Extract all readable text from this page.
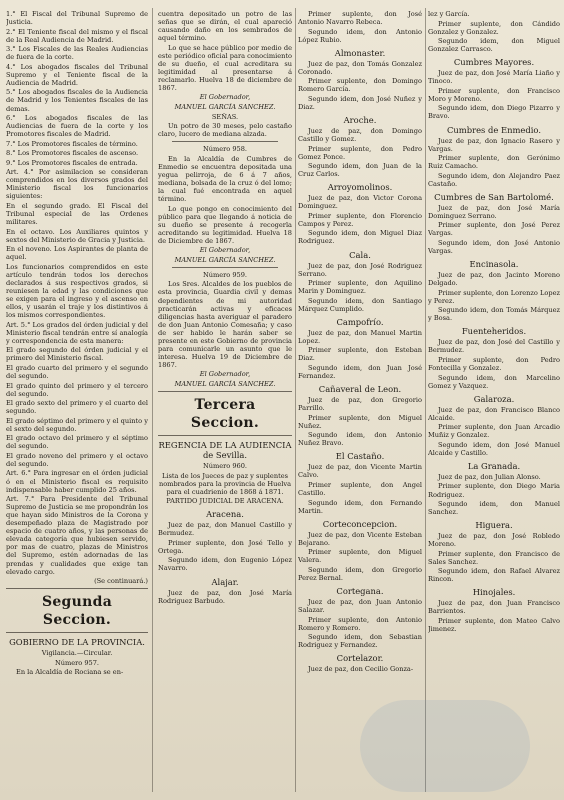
1.° El Fiscal del Tribunal Supremo de Justicia.

2.° El Teniente fiscal del mismo y el fiscal de la Real Audiencia de Madrid.

3.° Los Fiscales de las Reales Audiencias de fuera de la corte.

4.° Los abogados fiscales del Tribunal Supremo y el Teniente fiscal de la Audiencia de Madrid.

5.° Los abogados fiscales de la Audiencia de Madrid y los Tenientes fiscales de las demas.

6.° Los abogados fiscales de las Audiencias de fuera de la corte y los Promotores fiscales de Madrid.

7.° Los Promotores fiscales de término.

8.° Los Promotores fiscales de ascenso.

9.° Los Promotores fiscales de entrada.

Art. 4.° Por asimilacion se consideran comprendidos en los diversos grados del Ministerio fiscal los funcionarios siguientes:

En el segundo grado. El Fiscal del Tribunal especial de las Ordenes militares.

En el octavo. Los Auxiliares quintos y sextos del Ministerio de Gracia y Justicia.

En el noveno. Los Aspirantes de planta de aquel.

Los funcionarios comprendidos en este artículo tendrán todos los derechos declarados á sus respectivos grados, si reuniesen la edad y las condiciones que se exigen para el ingreso y el ascenso en ellos, y usarán el traje y los distintivos á los mismos correspondientes.

Art. 5.° Los grados del órden judicial y del Ministerio fiscal tendrán entre sí analogía y correspondencia de esta manera:

El grado segundo del órden judicial y el primero del Ministerio fiscal.

El grado cuarto del primero y el segundo del segundo.

El grado quinto del primero y el tercero del segundo.

El grado sexto del primero y el cuarto del segundo.

El grado séptimo del primero y el quinto y el sexto del segundo.

El grado octavo del primero y el séptimo del segundo.

El grado noveno del primero y el octavo del segundo.

Art. 6.° Para ingresar en el órden judicial ó en el Ministerio fiscal es requisito indispensable haber cumplido 25 años.

Art. 7.° Para Presidente del Tribunal Supremo de Justicia se me propondrán los que hayan sido Ministros de la Corona y desempeñado plaza de Magistrado por espacio de cuatro años, y las personas de elevada categoría que hubiesen servido, por mas de cuatro, plazas de Ministros del Supremo, estén adornadas de las prendas y cualidades que exige tan elevado cargo.

(Se continuará.)

Segunda Seccion.

GOBIERNO DE LA PROVINCIA.

Vigilancia.—Circular.

Número 957.

En la Alcaldía de Rociana se en-

cuentra depositado un potro de las señas que se dirán, el cual apareció causando daño en los sembrados de aquel término.

Lo que se hace público por medio de este periódico oficial para conocimiento de su dueño, el cual acreditara su legitimidad al presentarse á reclamarlo. Huelva 18 de diciembre de 1867.

El Gobernador,

MANUEL GARCÍA SANCHEZ.

SEÑAS.

Un potro de 30 meses, pelo castaño claro, lucero de mediana alzada.

Número 958.

En la Alcaldía de Cumbres de Enmedio se encuentra depositada una yegua pelirroja, de 6 á 7 años, mediana, bolsada de la cruz ó del lomo; la cual fué encontrada en aquel término.

Lo que pongo en conocimiento del público para que llegando á noticia de su dueño se presente á recogerla acreditando su legitimidad. Huelva 18 de Diciembre de 1867.

El Gobernador,

MANUEL GARCÍA SANCHEZ.

Número 959.

Los Sres. Alcaldes de los pueblos de esta provincia, Guardia civil y demas dependientes de mi autoridad practicarán activas y eficaces diligencias hasta averiguar el paradero de don Juan Antonio Comesaña; y caso de ser habido le harán saber se presente en este Gobierno de provincia para comunicarle un asunto que le interesa. Huelva 19 de Diciembre de 1867.

El Gobernador,

MANUEL GARCÍA SANCHEZ.

Tercera Seccion.

REGENCIA DE LA AUDIENCIA de Sevilla.

Número 960.

Lista de los Jueces de paz y suplentes nombrados para la provincia de Huelva para el cuadrienio de 1868 á 1871.

PARTIDO JUDICIAL DE ARACENA.

Aracena.

Juez de paz, don Manuel Castillo y Bermudez.

Primer suplente, don José Tello y Ortega.

Segundo idem, don Eugenio López Navarro.

Alajar.

Juez de paz, don José María Rodriguez Barbudo.

Primer suplente, don José Antonio Navarro Rebeca.

Segundo idem, don Antonio López Rubio.

Almonaster.

Juez de paz, don Tomás Gonzalez Coronado.

Primer suplente, don Domingo Romero García.

Segundo idem, don José Nuñez y Diaz.

Aroche.

Juez de paz, don Domingo Castillo y Gomez.

Primer suplente, don Pedro Gomez Ponce.

Segundo idem, don Juan de la Cruz Carlos.

Arroyomolinos.

Juez de paz, don Victor Corona Dominguez.

Primer suplente, don Florencio Campos y Perez.

Segundo idem, don Miguel Diaz Rodriguez.

Cala.

Juez de paz, don José Rodriguez Serrano.

Primer suplente, don Aquilino Marin y Dominguez.

Segundo idem, don Santiago Márquez Cumplido.

Campofrío.

Juez de paz, don Manuel Martin Lopez.

Primer suplente, don Esteban Diaz.

Segundo idem, don Juan José Fernandez.

Cañaveral de Leon.

Juez de paz, don Gregorio Parrillo.

Primer suplente, don Miguel Nuñez.

Segundo idem, don Antonio Nuñez Bravo.

El Castaño.

Juez de paz, don Vicente Martin Calvo.

Primer suplente, don Angel Castillo.

Segundo idem, don Fernando Martin.

Corteconcepcion.

Juez de paz, don Vicente Esteban Bejarano.

Primer suplente, don Miguel Valera.

Segundo idem, don Gregorio Perez Bernal.

Cortegana.

Juez de paz, don Juan Antonio Salazar.

Primer suplente, don Antonio Romero y Romero.

Segundo idem, don Sebastian Rodriguez y Fernandez.

Cortelazor.

Juez de paz, don Cecilio Gonza-

lez y García.

Primer suplente, don Cándido Gonzalez y Gonzalez.

Segundo idem, don Miguel Gonzalez Carrasco.

Cumbres Mayores.

Juez de paz, don José María Liaño y Tinoco.

Primer suplente, don Francisco Moro y Moreno.

Segundo idem, don Diego Pizarro y Bravo.

Cumbres de Enmedio.

Juez de paz, don Ignacio Rasero y Vargas.

Primer suplente, don Gerónimo Ruiz Camacho.

Segundo idem, don Alejandro Paez Castaño.

Cumbres de San Bartolomé.

Juez de paz, don José María Dominguez Serrano.

Primer suplente, don José Perez Vargas.

Segundo idem, don José Antonio Vargas.

Encinasola.

Juez de paz, don Jacinto Moreno Delgado.

Primer suplente, don Lorenzo Lopez y Perez.

Segundo idem, don Tomás Márquez y Bosa.

Fuenteheridos.

Juez de paz, don José del Castillo y Bermudez.

Primer suplente, don Pedro Fontecilla y Gonzalez.

Segundo idem, don Marcelino Gomez y Vazquez.

Galaroza.

Juez de paz, don Francisco Blanco Alcaide.

Primer suplente, don Juan Arcadio Muñiz y Gonzalez.

Segundo idem, don José Manuel Alcaide y Castillo.

La Granada.

Juez de paz, don Julian Alonso.

Primer suplente, don Diego Maria Rodriguez.

Segundo idem, don Manuel Sanchez.

Higuera.

Juez de paz, don José Robledo Moreno.

Primer suplente, don Francisco de Sales Sanchez.

Segundo idem, don Rafael Alvarez Rincon.

Hinojales.

Juez de paz, don Juan Francisco Barrientos.

Primer suplente, don Mateo Calvo Jimenez.
